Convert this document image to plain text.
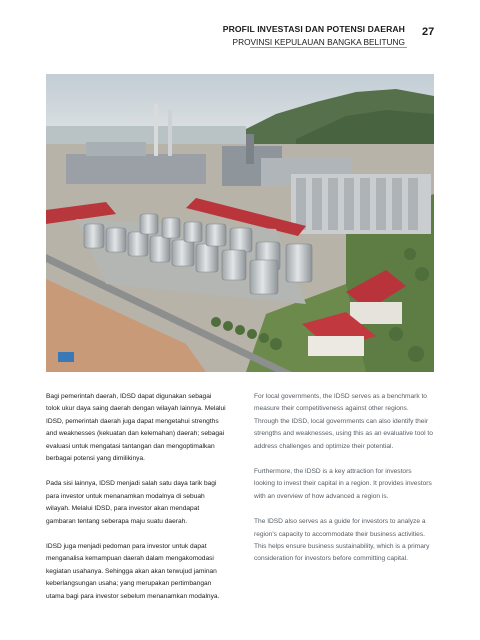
PROFIL INVESTASI DAN POTENSI DAERAH
PROVINSI KEPULAUAN BANGKA BELITUNG
27

Bagi pemerintah daerah, IDSD dapat digunakan sebagai tolok ukur daya saing daerah dengan wilayah lainnya. Melalui IDSD, pemerintah daerah juga dapat mengetahui strengths and weaknesses (kekuatan dan kelemahan) daerah; sebagai evaluasi untuk mengatasi tantangan dan mengoptimalkan berbagai potensi yang dimilikinya.

Pada sisi lainnya, IDSD menjadi salah satu daya tarik bagi para investor untuk menanamkan modalnya di sebuah wilayah. Melalui IDSD, para investor akan mendapat gambaran tentang seberapa maju suatu daerah.

IDSD juga menjadi pedoman para investor untuk dapat menganalisa kemampuan daerah dalam mengakomodasi kegiatan usahanya. Sehingga akan akan terwujud jaminan keberlangsungan usaha; yang merupakan pertimbangan utama bagi para investor sebelum menanamkan modalnya.

For local governments, the IDSD serves as a benchmark to measure their competitiveness against other regions. Through the IDSD, local governments can also identify their strengths and weaknesses, using this as an evaluative tool to address challenges and optimize their potential.

Furthermore, the IDSD is a key attraction for investors looking to invest their capital in a region. It provides investors with an overview of how advanced a region is.

The IDSD also serves as a guide for investors to analyze a region's capacity to accommodate their business activities. This helps ensure business sustainability, which is a primary consideration for investors before committing capital.
